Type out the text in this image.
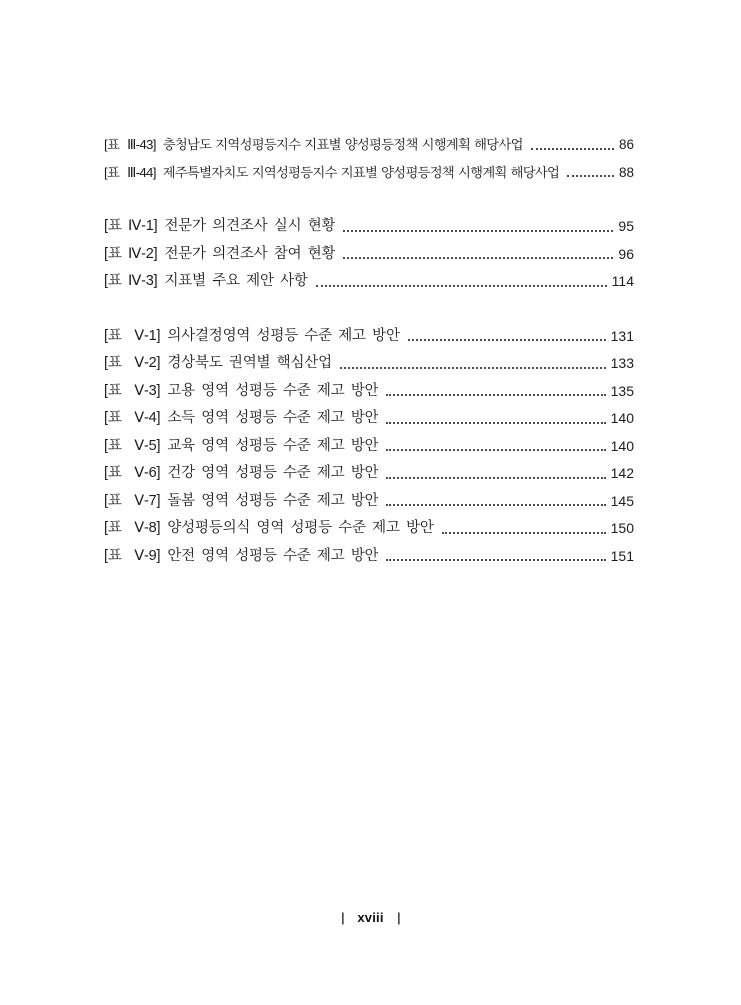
[표  Ⅲ-43] 충청남도 지역성평등지수 지표별 양성평등정책 시행계획 해당사업	86
[표  Ⅲ-44] 제주특별자치도 지역성평등지수 지표별 양성평등정책 시행계획 해당사업	88
[표 Ⅳ-1] 전문가 의견조사 실시 현황	95
[표 Ⅳ-2] 전문가 의견조사 참여 현황	96
[표 Ⅳ-3] 지표별 주요 제안 사항	114
[표  Ⅴ-1] 의사결정영역 성평등 수준 제고 방안	131
[표  Ⅴ-2] 경상북도 권역별 핵심산업	133
[표  Ⅴ-3] 고용 영역 성평등 수준 제고 방안	135
[표  Ⅴ-4] 소득 영역 성평등 수준 제고 방안	140
[표  Ⅴ-5] 교육 영역 성평등 수준 제고 방안	140
[표  Ⅴ-6] 건강 영역 성평등 수준 제고 방안	142
[표  Ⅴ-7] 돌봄 영역 성평등 수준 제고 방안	145
[표  Ⅴ-8] 양성평등의식 영역 성평등 수준 제고 방안	150
[표  Ⅴ-9] 안전 영역 성평등 수준 제고 방안	151
| xviii |
